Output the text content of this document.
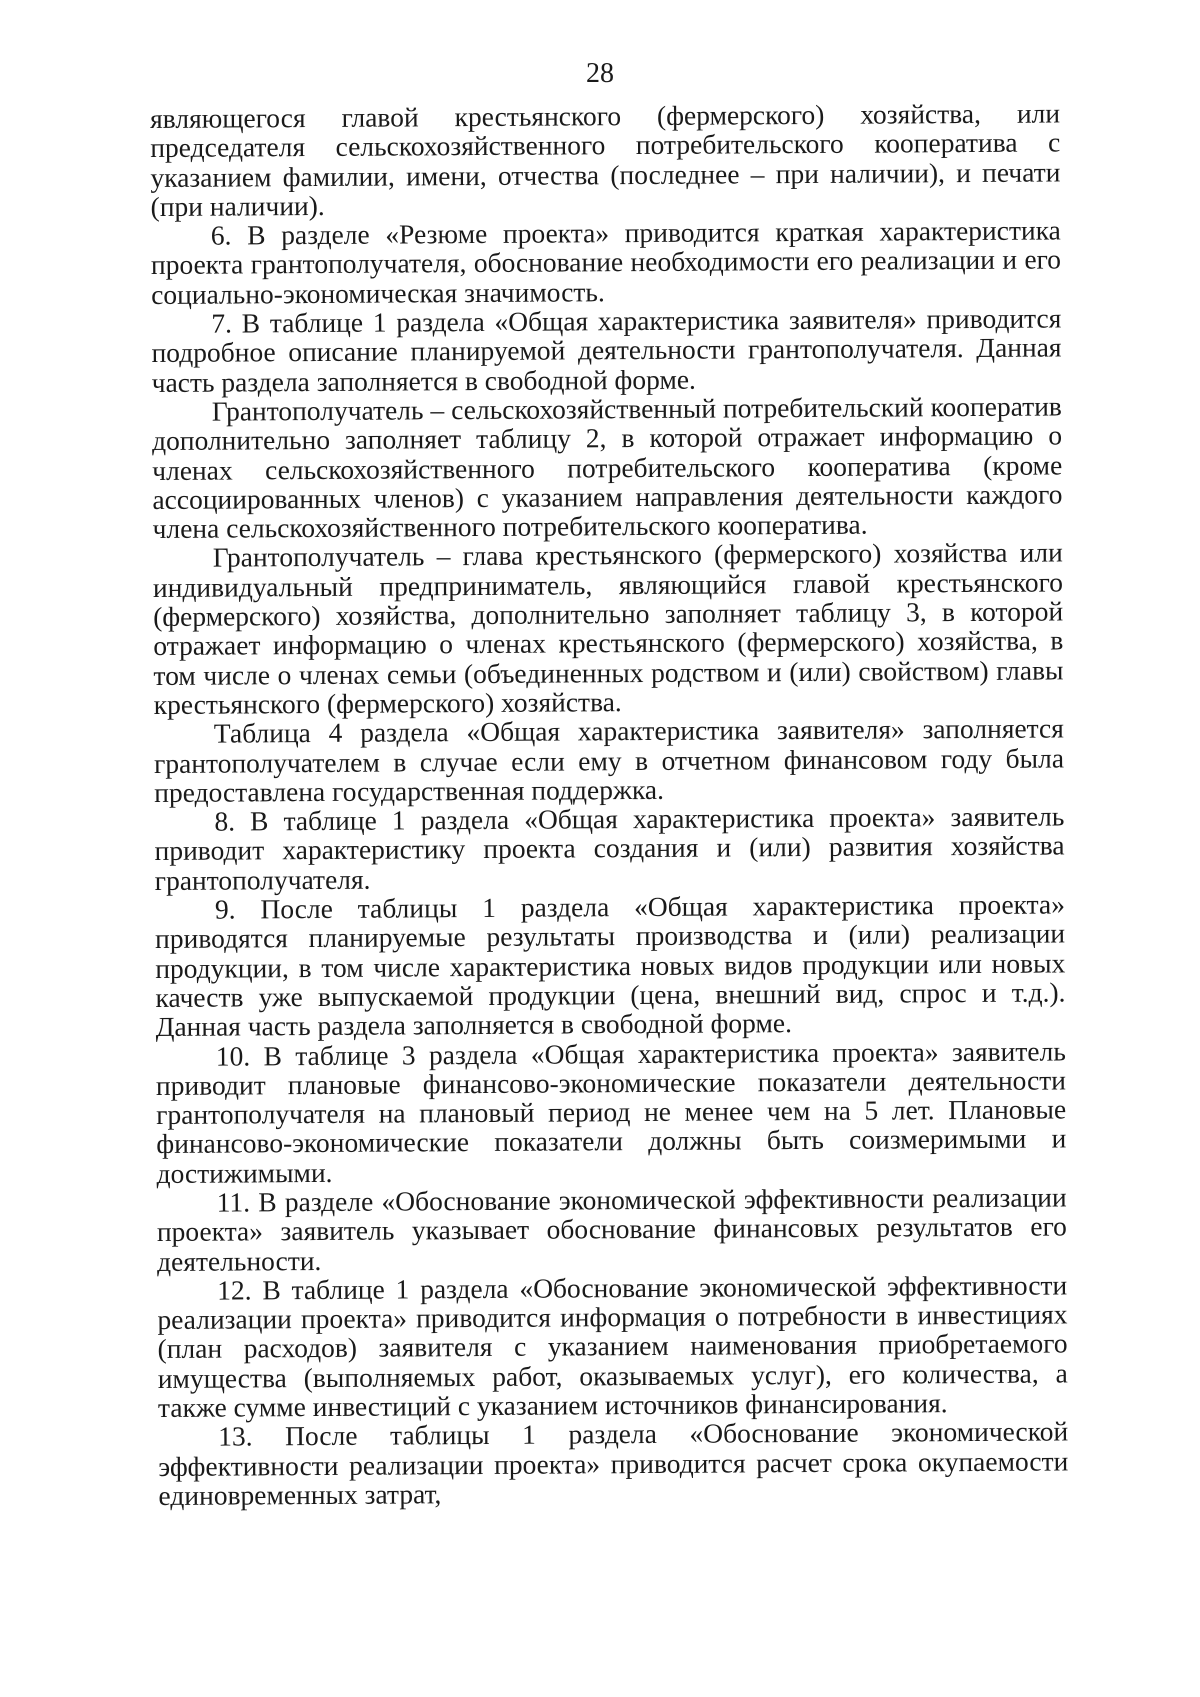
28

являющегося главой крестьянского (фермерского) хозяйства, или председателя сельскохозяйственного потребительского кооператива с указанием фамилии, имени, отчества (последнее – при наличии), и печати (при наличии).

6. В разделе «Резюме проекта» приводится краткая характеристика проекта грантополучателя, обоснование необходимости его реализации и его социально-экономическая значимость.

7. В таблице 1 раздела «Общая характеристика заявителя» приводится подробное описание планируемой деятельности грантополучателя. Данная часть раздела заполняется в свободной форме.

Грантополучатель – сельскохозяйственный потребительский кооператив дополнительно заполняет таблицу 2, в которой отражает информацию о членах сельскохозяйственного потребительского кооператива (кроме ассоциированных членов) с указанием направления деятельности каждого члена сельскохозяйственного потребительского кооператива.

Грантополучатель – глава крестьянского (фермерского) хозяйства или индивидуальный предприниматель, являющийся главой крестьянского (фермерского) хозяйства, дополнительно заполняет таблицу 3, в которой отражает информацию о членах крестьянского (фермерского) хозяйства, в том числе о членах семьи (объединенных родством и (или) свойством) главы крестьянского (фермерского) хозяйства.

Таблица 4 раздела «Общая характеристика заявителя» заполняется грантополучателем в случае если ему в отчетном финансовом году была предоставлена государственная поддержка.

8. В таблице 1 раздела «Общая характеристика проекта» заявитель приводит характеристику проекта создания и (или) развития хозяйства грантополучателя.

9. После таблицы 1 раздела «Общая характеристика проекта» приводятся планируемые результаты производства и (или) реализации продукции, в том числе характеристика новых видов продукции или новых качеств уже выпускаемой продукции (цена, внешний вид, спрос и т.д.). Данная часть раздела заполняется в свободной форме.

10. В таблице 3 раздела «Общая характеристика проекта» заявитель приводит плановые финансово-экономические показатели деятельности грантополучателя на плановый период не менее чем на 5 лет. Плановые финансово-экономические показатели должны быть соизмеримыми и достижимыми.

11. В разделе «Обоснование экономической эффективности реализации проекта» заявитель указывает обоснование финансовых результатов его деятельности.

12. В таблице 1 раздела «Обоснование экономической эффективности реализации проекта» приводится информация о потребности в инвестициях (план расходов) заявителя с указанием наименования приобретаемого имущества (выполняемых работ, оказываемых услуг), его количества, а также сумме инвестиций с указанием источников финансирования.

13. После таблицы 1 раздела «Обоснование экономической эффективности реализации проекта» приводится расчет срока окупаемости единовременных затрат,
